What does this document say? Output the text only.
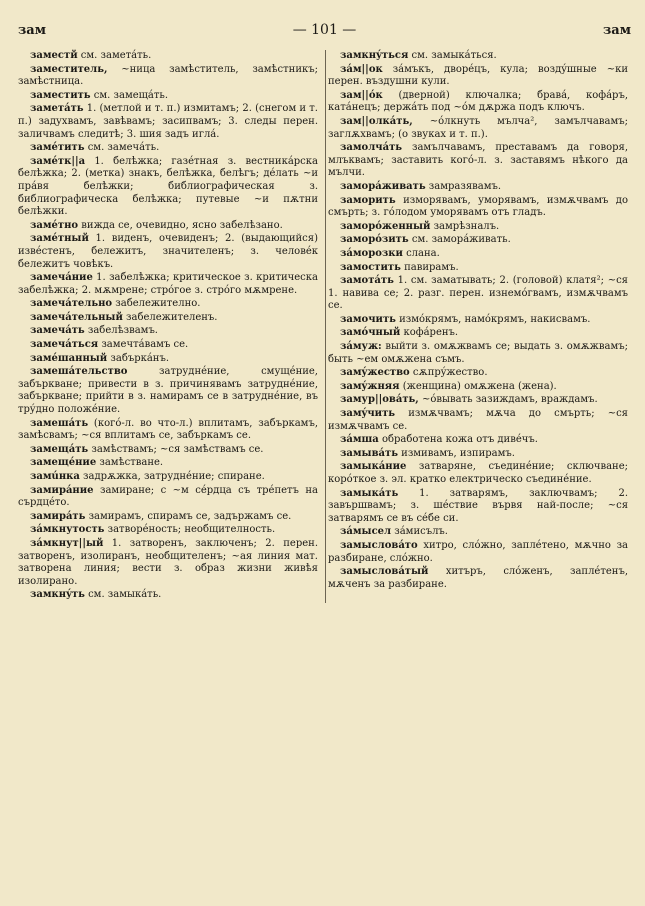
зам	— 101 —	зам

заместй см. заметáть.

заместитель, ~ница замѣститель, замѣстникъ; замѣстница.

заместить см. замещáть.

заметáть 1. (метлой и т. п.) измитамъ; 2. (снегом и т. п.) задухвамъ, завѣвамъ; засипвамъ; 3. следы перен. заличвамъ следитѣ; 3. шия задъ иглá.

замéтить см. замечáть.

замéтк||а 1. белѣжка; газéтная з. вестникáрска белѣжка; 2. (метка) знакъ, белѣжка, белѣгъ; дéлать ~и прáвя белѣжки; библиографическая з. библиографическа белѣжка; путевые ~и пѫтни белѣжки.

замéтно вижда се, очевидно, ясно забелѣзано.

замéтный 1. виденъ, очевиденъ; 2. (выдающийся) извéстенъ, бележитъ, значителенъ; з. человéк бележитъ човѣкъ.

замечáние 1. забелѣжка; критическое з. критическа забелѣжка; 2. мѫмрене; стрóгое з. стрóго мѫмрене.

замечáтельно забележително.

замечáтельный забележителенъ.

замечáть забелѣзвамъ.

замечáться замечтáвамъ се.

замéшанный забъркáнъ.

замешáтельство затруднéние, смущéние, забъркване; привести в з. причинявамъ затруднéние, забъркване; прийти в з. намирамъ се в затруднéние, въ трýдно положéние.

замешáть (когó-л. во что-л.) вплитамъ, забъркамъ, замѣсвамъ; ~ся вплитамъ се, забъркамъ се.

замещáть замѣствамъ; ~ся замѣствамъ се.

замещéние замѣстване.

замúнка задрѫжка, затруднéние; спиране.

замирáние замиране; с ~м сéрдца съ трéпетъ на сърдцéто.

замирáть замирамъ, спирамъ се, задържамъ се.

зáмкнутость затворéность; необщителность.

зáмкнут||ый 1. затворенъ, заключенъ; 2. перен. затворенъ, изолиранъ, необщителенъ; ~ая линия мат. затворена линия; вести з. образ жизни живѣя изолирано.

замкнýть см. замыкáть.

замкнýться см. замыкáться.

зáм||ок зáмъкъ, дворéцъ, кула; воздýшные ~ки перен. въздушни кули.

зам||óк (дверной) ключалка; бравá, кофáръ, катáнецъ; держáть под ~óм дѫржа подъ ключъ.

зам||олкáть, ~óлкнуть мълча², замълчавамъ; заглѫхвамъ; (о звуках и т. п.).

замолчáть замълчавамъ, преставамъ да говоря, млъквамъ; заставить когó-л. з. заставямъ нѣкого да мълчи.

заморáживать замразявамъ.

заморить изморявамъ, уморявамъ, измѫчвамъ до смърть; з. гóлодом уморявамъ отъ гладъ.

заморóженный замрѣзналъ.

заморóзить см. заморáживать.

зáморозки слана.

замостить павирамъ.

замотáть 1. см. заматывать; 2. (головой) клатя²; ~ся 1. навива се; 2. разг. перен. изнемóгвамъ, измѫчвамъ се.

замочить измóкрямъ, намóкрямъ, накисвамъ.

замóчный кофáренъ.

зáмуж: выйти з. омѫжвамъ се; выдать з. омѫжвамъ; быть ~ем омѫжена съмъ.

замýжество сѫпрýжество.

замýжняя (женщина) омѫжена (жена).

замур||овáть, ~óвывать зазиждамъ, враждамъ.

замýчить измѫчвамъ; мѫча до смърть; ~ся измѫчвамъ се.

зáмша обработена кожа отъ дивéчъ.

замывáть измивамъ, изпирамъ.

замыкáние затваряне, съединéние; сключване; корóткое з. эл. кратко електрическо съединéние.

замыкáть 1. затварямъ, заключвамъ; 2. завършвамъ; з. шéствие вървя най-после; ~ся затварямъ се въ сéбе си.

зáмысел зáмисълъ.

замысловáто хитро, слóжно, заплéтено, мѫчно за разбиране, слóжно.

замысловáтый хитъръ, слóженъ, заплéтенъ, мѫченъ за разбиране.
